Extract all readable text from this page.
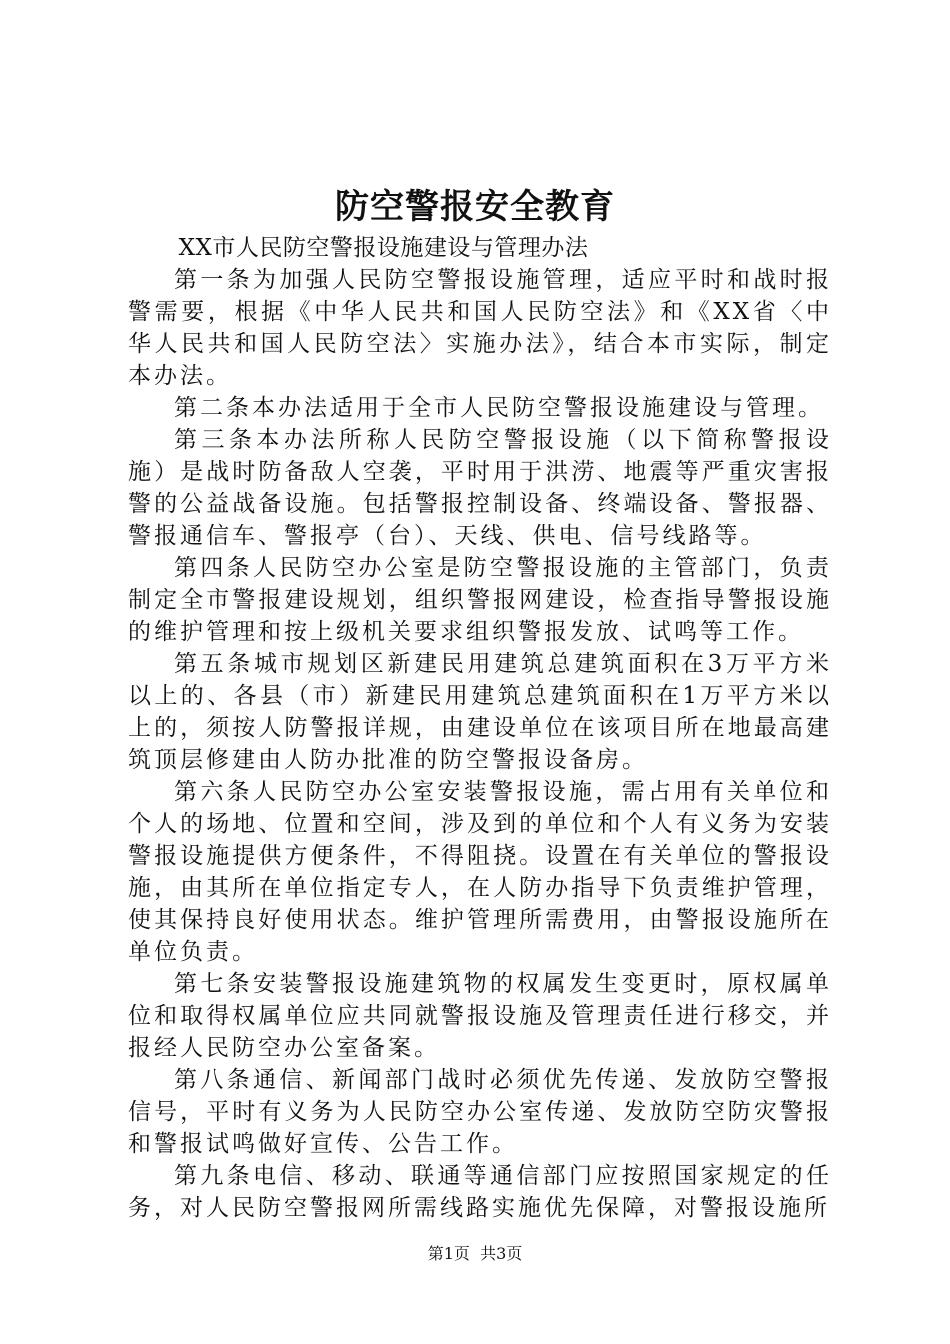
防空警报安全教育

XX市人民防空警报设施建设与管理办法

第一条为加强人民防空警报设施管理，适应平时和战时报警需要，根据《中华人民共和国人民防空法》和《XX省〈中华人民共和国人民防空法〉实施办法》，结合本市实际，制定本办法。

第二条本办法适用于全市人民防空警报设施建设与管理。

第三条本办法所称人民防空警报设施（以下简称警报设施）是战时防备敌人空袭，平时用于洪涝、地震等严重灾害报警的公益战备设施。包括警报控制设备、终端设备、警报器、警报通信车、警报亭（台）、天线、供电、信号线路等。

第四条人民防空办公室是防空警报设施的主管部门，负责制定全市警报建设规划，组织警报网建设，检查指导警报设施的维护管理和按上级机关要求组织警报发放、试鸣等工作。

第五条城市规划区新建民用建筑总建筑面积在3万平方米以上的、各县（市）新建民用建筑总建筑面积在1万平方米以上的，须按人防警报详规，由建设单位在该项目所在地最高建筑顶层修建由人防办批准的防空警报设备房。

第六条人民防空办公室安装警报设施，需占用有关单位和个人的场地、位置和空间，涉及到的单位和个人有义务为安装警报设施提供方便条件，不得阻挠。设置在有关单位的警报设施，由其所在单位指定专人，在人防办指导下负责维护管理，使其保持良好使用状态。维护管理所需费用，由警报设施所在单位负责。

第七条安装警报设施建筑物的权属发生变更时，原权属单位和取得权属单位应共同就警报设施及管理责任进行移交，并报经人民防空办公室备案。

第八条通信、新闻部门战时必须优先传递、发放防空警报信号，平时有义务为人民防空办公室传递、发放防空防灾警报和警报试鸣做好宣传、公告工作。

第九条电信、移动、联通等通信部门应按照国家规定的任务，对人民防空警报网所需线路实施优先保障，对警报设施所

第1页 共3页
